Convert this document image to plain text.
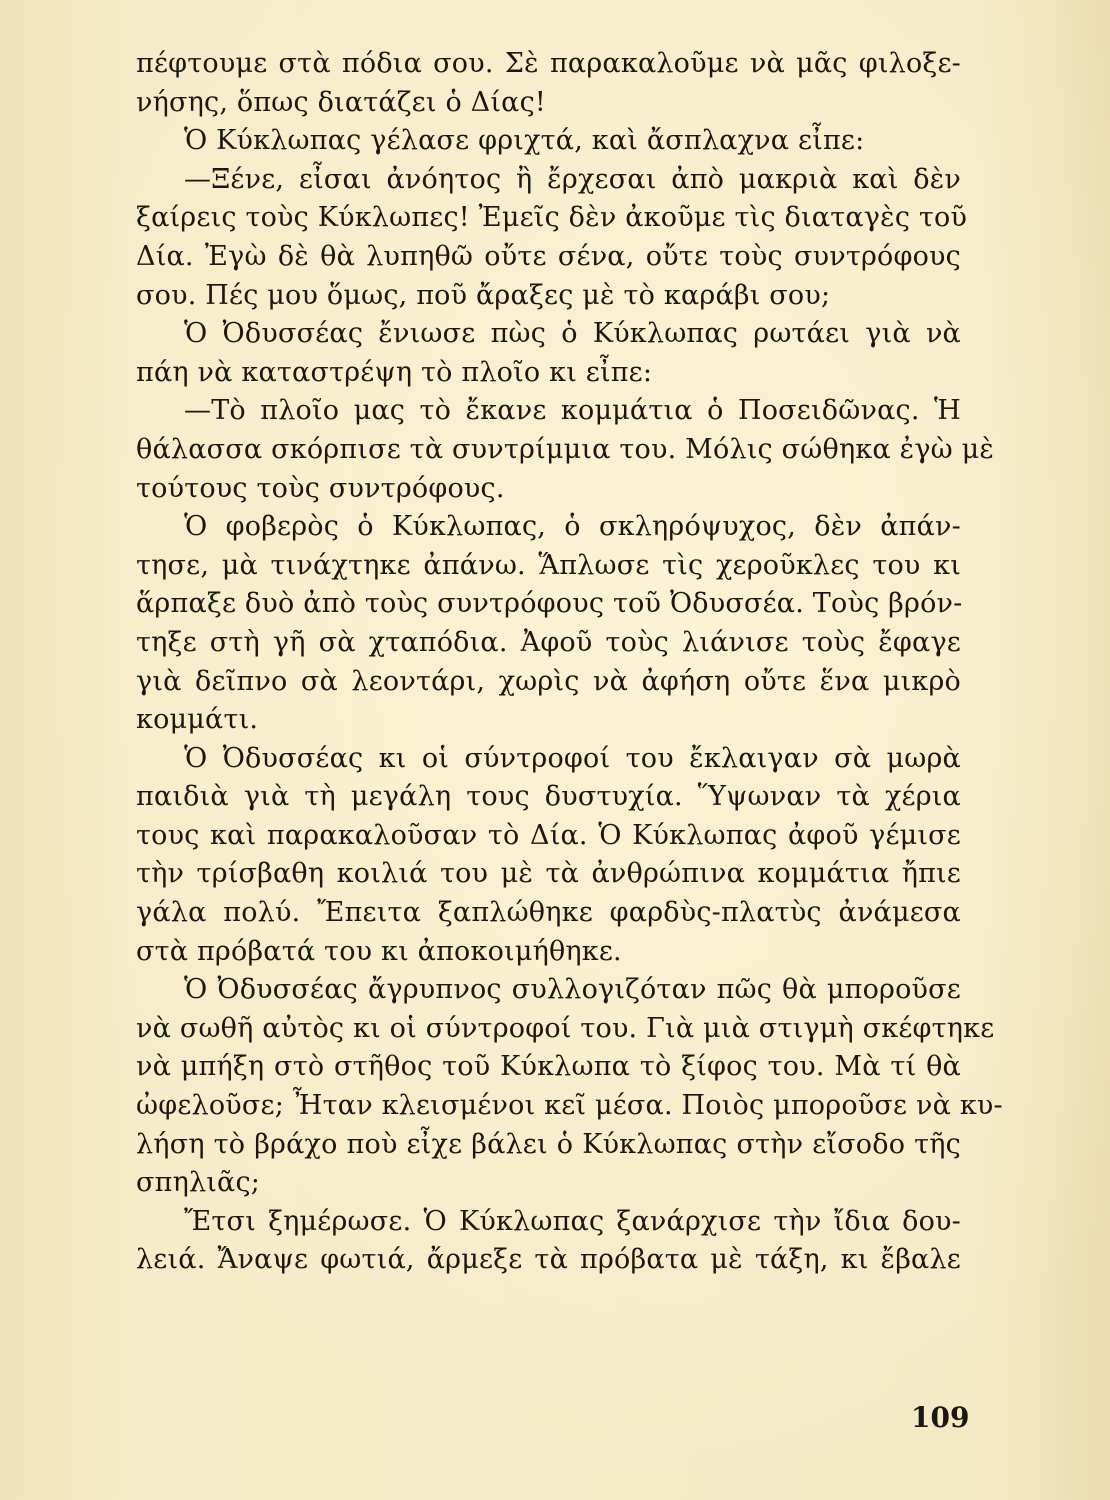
πέφτουμε στὰ πόδια σου. Σὲ παρακαλοῦμε νὰ μᾶς φιλοξε-
νήσης, ὅπως διατάζει ὁ Δίας!
Ὁ Κύκλωπας γέλασε φριχτά, καὶ ἄσπλαχνα εἶπε:
—Ξένε, εἶσαι ἀνόητος ἢ ἔρχεσαι ἀπὸ μακριὰ καὶ δὲν
ξαίρεις τοὺς Κύκλωπες! Ἐμεῖς δὲν ἀκοῦμε τὶς διαταγὲς τοῦ
Δία. Ἐγὼ δὲ θὰ λυπηθῶ οὔτε σένα, οὔτε τοὺς συντρόφους
σου. Πές μου ὅμως, ποῦ ἄραξες μὲ τὸ καράβι σου;
Ὁ Ὀδυσσέας ἔνιωσε πὼς ὁ Κύκλωπας ρωτάει γιὰ νὰ
πάη νὰ καταστρέψη τὸ πλοῖο κι εἶπε:
—Τὸ πλοῖο μας τὸ ἔκανε κομμάτια ὁ Ποσειδῶνας. Ἡ
θάλασσα σκόρπισε τὰ συντρίμμια του. Μόλις σώθηκα ἐγὼ μὲ
τούτους τοὺς συντρόφους.
Ὁ φοβερὸς ὁ Κύκλωπας, ὁ σκληρόψυχος, δὲν ἀπάν-
τησε, μὰ τινάχτηκε ἀπάνω. Ἅπλωσε τὶς χεροῦκλες του κι
ἅρπαξε δυὸ ἀπὸ τοὺς συντρόφους τοῦ Ὀδυσσέα. Τοὺς βρόν-
τηξε στὴ γῆ σὰ χταπόδια. Ἀφοῦ τοὺς λιάνισε τοὺς ἔφαγε
γιὰ δεῖπνο σὰ λεοντάρι, χωρὶς νὰ ἀφήση οὔτε ἕνα μικρὸ
κομμάτι.
Ὁ Ὀδυσσέας κι οἱ σύντροφοί του ἔκλαιγαν σὰ μωρὰ
παιδιὰ γιὰ τὴ μεγάλη τους δυστυχία. Ὕψωναν τὰ χέρια
τους καὶ παρακαλοῦσαν τὸ Δία. Ὁ Κύκλωπας ἀφοῦ γέμισε
τὴν τρίσβαθη κοιλιά του μὲ τὰ ἀνθρώπινα κομμάτια ἤπιε
γάλα πολύ. Ἔπειτα ξαπλώθηκε φαρδὺς-πλατὺς ἀνάμεσα
στὰ πρόβατά του κι ἀποκοιμήθηκε.
Ὁ Ὀδυσσέας ἄγρυπνος συλλογιζόταν πῶς θὰ μποροῦσε
νὰ σωθῆ αὐτὸς κι οἱ σύντροφοί του. Γιὰ μιὰ στιγμὴ σκέφτηκε
νὰ μπήξη στὸ στῆθος τοῦ Κύκλωπα τὸ ξίφος του. Μὰ τί θὰ
ὠφελοῦσε; Ἦταν κλεισμένοι κεῖ μέσα. Ποιὸς μποροῦσε νὰ κυ-
λήση τὸ βράχο ποὺ εἶχε βάλει ὁ Κύκλωπας στὴν εἴσοδο τῆς
σπηλιᾶς;
Ἔτσι ξημέρωσε. Ὁ Κύκλωπας ξανάρχισε τὴν ἴδια δου-
λειά. Ἄναψε φωτιά, ἄρμεξε τὰ πρόβατα μὲ τάξη, κι ἔβαλε
109
